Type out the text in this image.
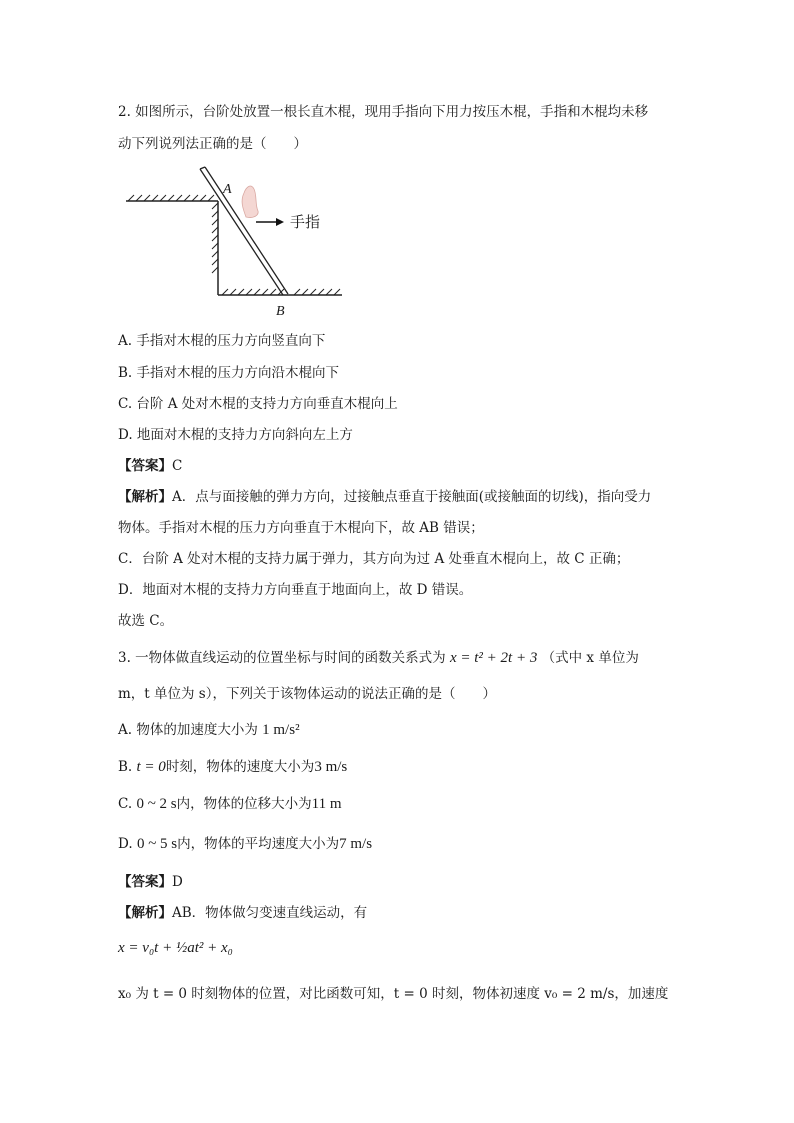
2. 如图所示，台阶处放置一根长直木棍，现用手指向下用力按压木棍，手指和木棍均未移
动下列说列法正确的是（　　）
手指
A
B
A. 手指对木棍的压力方向竖直向下
B. 手指对木棍的压力方向沿木棍向下
C. 台阶 A 处对木棍的支持力方向垂直木棍向上
D. 地面对木棍的支持力方向斜向左上方
【答案】C
【解析】A．点与面接触的弹力方向，过接触点垂直于接触面(或接触面的切线)，指向受力
物体。手指对木棍的压力方向垂直于木棍向下，故 AB 错误；
C．台阶 A 处对木棍的支持力属于弹力，其方向为过 A 处垂直木棍向上，故 C 正确；
D．地面对木棍的支持力方向垂直于地面向上，故 D 错误。
故选 C。
3. 一物体做直线运动的位置坐标与时间的函数关系式为 x = t² + 2t + 3 （式中 x 单位为
m，t 单位为 s），下列关于该物体运动的说法正确的是（　　）
A. 物体的加速度大小为 1 m/s²
B. t = 0时刻，物体的速度大小为3 m/s
C. 0 ~ 2 s内，物体的位移大小为11 m
D. 0 ~ 5 s内，物体的平均速度大小为7 m/s
【答案】D
【解析】AB．物体做匀变速直线运动，有
x = v₀t + ½at² + x₀
x₀ 为 t = 0 时刻物体的位置，对比函数可知，t = 0 时刻，物体初速度 v₀ = 2 m/s，加速度
